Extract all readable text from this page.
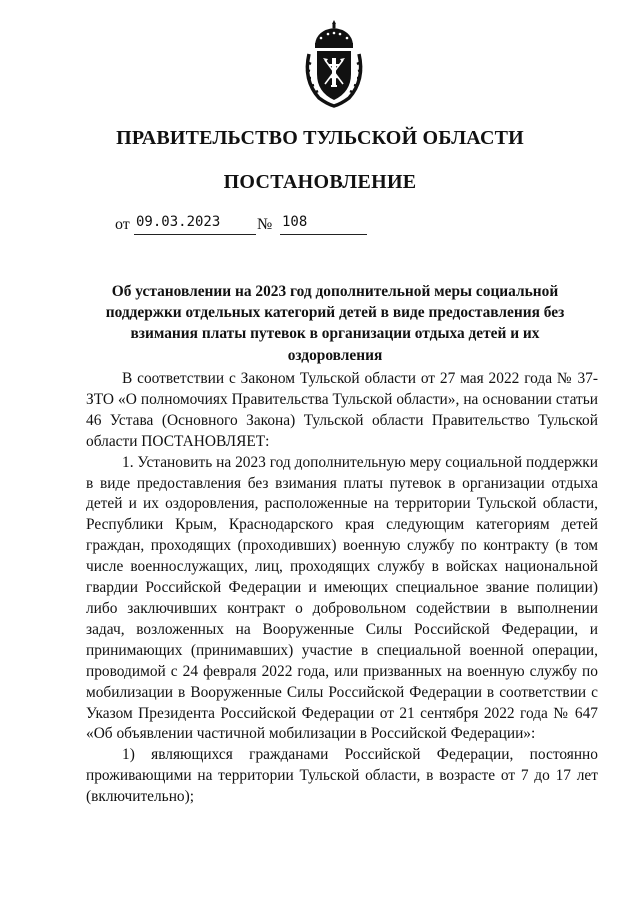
ПРАВИТЕЛЬСТВО ТУЛЬСКОЙ ОБЛАСТИ
ПОСТАНОВЛЕНИЕ
от 09.03.2023	№ 108
Об установлении на 2023 год дополнительной меры социальной поддержки отдельных категорий детей в виде предоставления без взимания платы путевок в организации отдыха детей и их оздоровления

В соответствии с Законом Тульской области от 27 мая 2022 года № 37-ЗТО «О полномочиях Правительства Тульской области», на основании статьи 46 Устава (Основного Закона) Тульской области Правительство Тульской области ПОСТАНОВЛЯЕТ:

1. Установить на 2023 год дополнительную меру социальной поддержки в виде предоставления без взимания платы путевок в организации отдыха детей и их оздоровления, расположенные на территории Тульской области, Республики Крым, Краснодарского края следующим категориям детей граждан, проходящих (проходивших) военную службу по контракту (в том числе военнослужащих, лиц, проходящих службу в войсках национальной гвардии Российской Федерации и имеющих специальное звание полиции) либо заключивших контракт о добровольном содействии в выполнении задач, возложенных на Вооруженные Силы Российской Федерации, и принимающих (принимавших) участие в специальной военной операции, проводимой с 24 февраля 2022 года, или призванных на военную службу по мобилизации в Вооруженные Силы Российской Федерации в соответствии с Указом Президента Российской Федерации от 21 сентября 2022 года № 647 «Об объявлении частичной мобилизации в Российской Федерации»:

1) являющихся гражданами Российской Федерации, постоянно проживающими на территории Тульской области, в возрасте от 7 до 17 лет (включительно);
